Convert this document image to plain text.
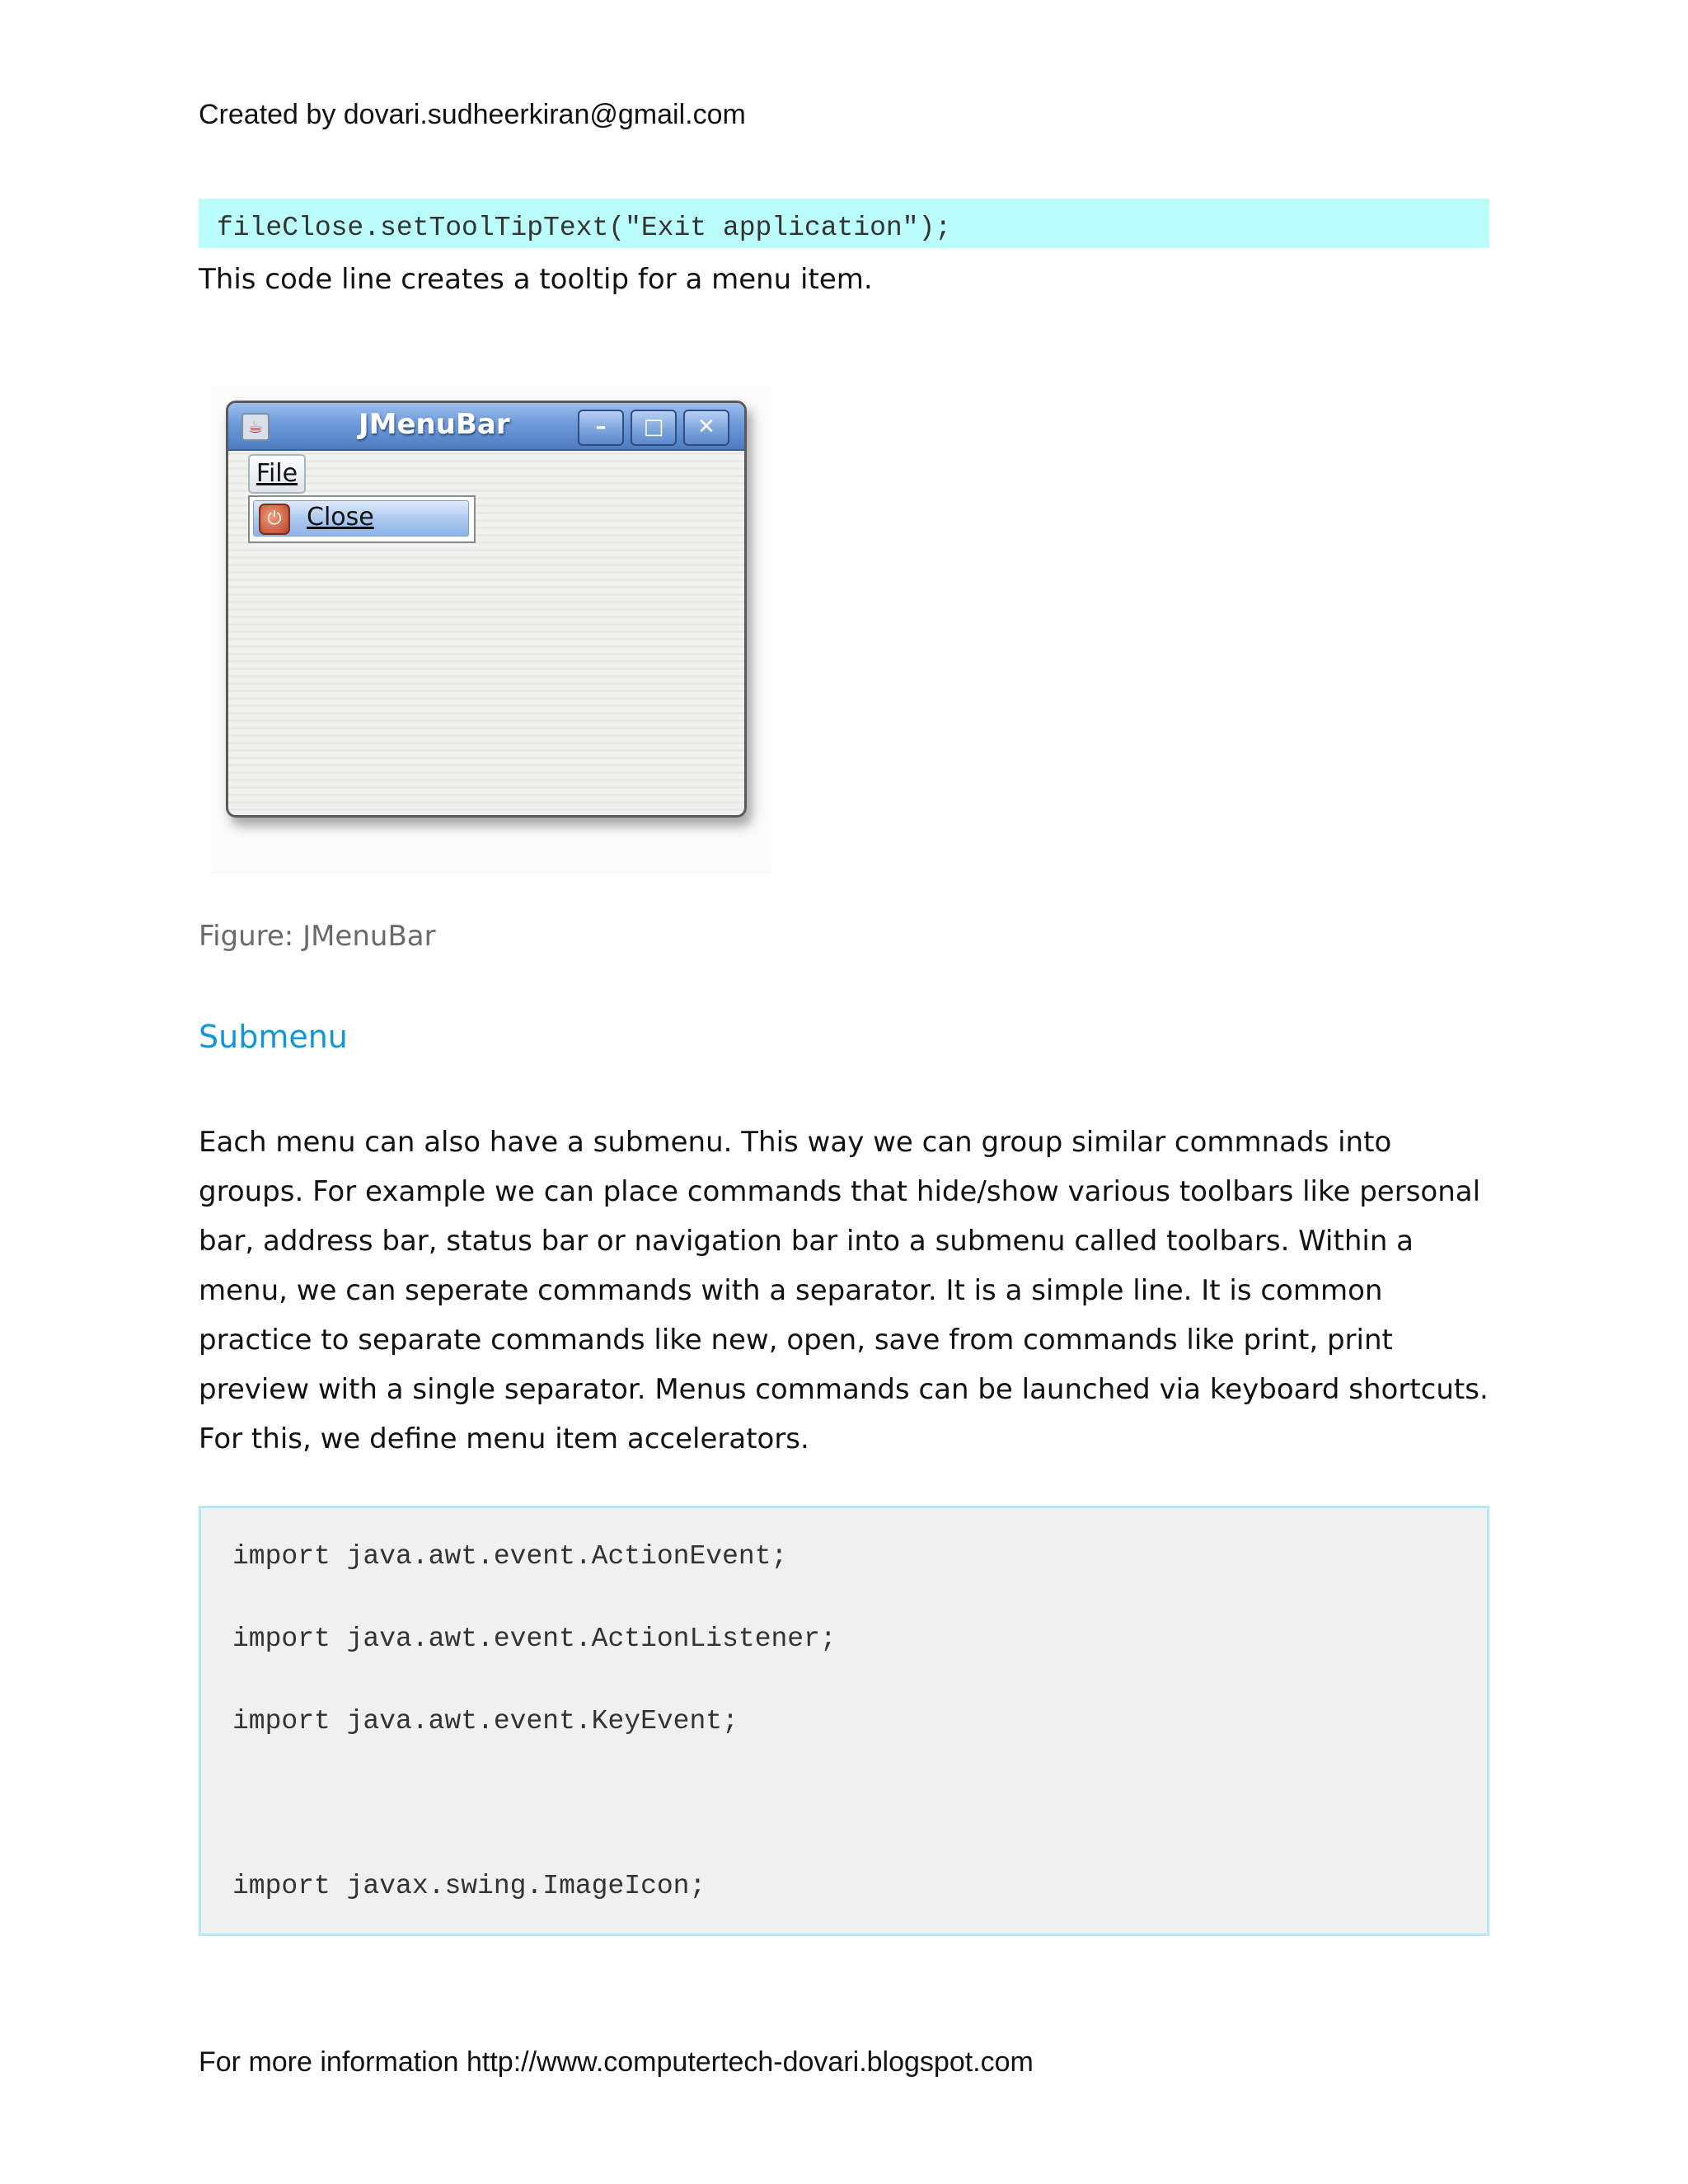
Created by dovari.sudheerkiran@gmail.com
fileClose.setToolTipText("Exit application");
This code line creates a tooltip for a menu item.
☕	JMenuBar	–	□	✕
File
⏻	Close
Figure: JMenuBar
Submenu
Each menu can also have a submenu. This way we can group similar commnads into groups. For example we can place commands that hide/show various toolbars like personal bar, address bar, status bar or navigation bar into a submenu called toolbars. Within a menu, we can seperate commands with a separator. It is a simple line. It is common practice to separate commands like new, open, save from commands like print, print preview with a single separator. Menus commands can be launched via keyboard shortcuts. For this, we define menu item accelerators.
import java.awt.event.ActionEvent;
import java.awt.event.ActionListener;
import java.awt.event.KeyEvent;
import javax.swing.ImageIcon;
For more information http://www.computertech-dovari.blogspot.com
